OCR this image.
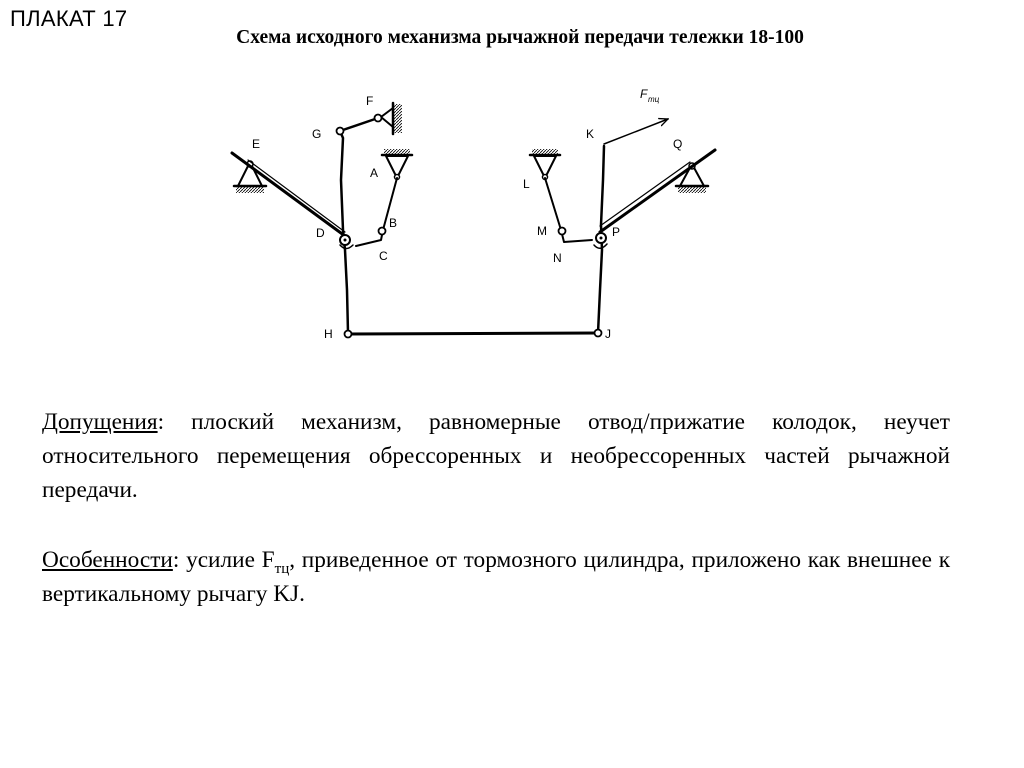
ПЛАКАТ 17
Схема исходного механизма рычажной передачи тележки 18-100
F
G
E
A
B
D
C
H
F тц
K
Q
L
M	P
N
J
Допущения: плоский механизм, равномерные отвод/прижатие колодок, неучет относительного перемещения обрессоренных и необрессоренных частей рычажной передачи.
Особенности: усилие $F_{тц}$, приведенное от тормозного цилиндра, приложено как внешнее к вертикальному рычагу KJ.
